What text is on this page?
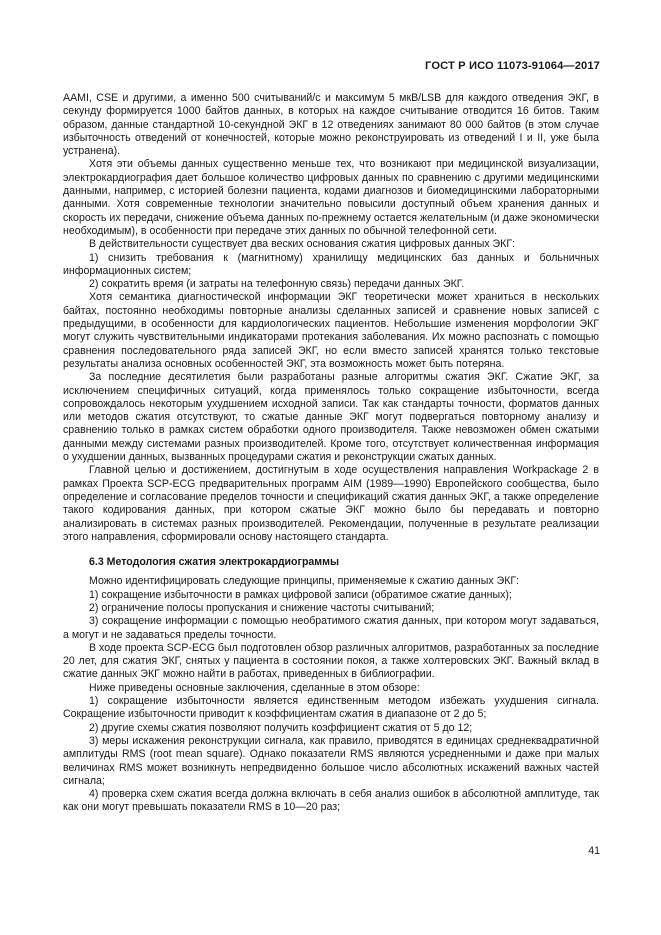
ГОСТ Р ИСО 11073-91064—2017

AAMI, CSE и другими, а именно 500 считываний/с и максимум 5 мкВ/LSB для каждого отведения ЭКГ, в секунду формируется 1000 байтов данных, в которых на каждое считывание отводится 16 битов. Таким образом, данные стандартной 10-секундной ЭКГ в 12 отведениях занимают 80 000 байтов (в этом случае избыточность отведений от конечностей, которые можно реконструировать из отведений I и II, уже была устранена).

Хотя эти объемы данных существенно меньше тех, что возникают при медицинской визуализации, электрокардиография дает большое количество цифровых данных по сравнению с другими медицинскими данными, например, с историей болезни пациента, кодами диагнозов и биомедицинскими лабораторными данными. Хотя современные технологии значительно повысили доступный объем хранения данных и скорость их передачи, снижение объема данных по-прежнему остается желательным (и даже экономически необходимым), в особенности при передаче этих данных по обычной телефонной сети.

В действительности существует два веских основания сжатия цифровых данных ЭКГ:

1) снизить требования к (магнитному) хранилищу медицинских баз данных и больничных информационных систем;

2) сократить время (и затраты на телефонную связь) передачи данных ЭКГ.

Хотя семантика диагностической информации ЭКГ теоретически может храниться в нескольких байтах, постоянно необходимы повторные анализы сделанных записей и сравнение новых записей с предыдущими, в особенности для кардиологических пациентов. Небольшие изменения морфологии ЭКГ могут служить чувствительными индикаторами протекания заболевания. Их можно распознать с помощью сравнения последовательного ряда записей ЭКГ, но если вместо записей хранятся только текстовые результаты анализа основных особенностей ЭКГ, эта возможность может быть потеряна.

За последние десятилетия были разработаны разные алгоритмы сжатия ЭКГ. Сжатие ЭКГ, за исключением специфичных ситуаций, когда применялось только сокращение избыточности, всегда сопровождалось некоторым ухудшением исходной записи. Так как стандарты точности, форматов данных или методов сжатия отсутствуют, то сжатые данные ЭКГ могут подвергаться повторному анализу и сравнению только в рамках систем обработки одного производителя. Также невозможен обмен сжатыми данными между системами разных производителей. Кроме того, отсутствует количественная информация о ухудшении данных, вызванных процедурами сжатия и реконструкции сжатых данных.

Главной целью и достижением, достигнутым в ходе осуществления направления Workpackage 2 в рамках Проекта SCP-ECG предварительных программ AIM (1989—1990) Европейского сообщества, было определение и согласование пределов точности и спецификаций сжатия данных ЭКГ, а также определение такого кодирования данных, при котором сжатые ЭКГ можно было бы передавать и повторно анализировать в системах разных производителей. Рекомендации, полученные в результате реализации этого направления, сформировали основу настоящего стандарта.

6.3 Методология сжатия электрокардиограммы

Можно идентифицировать следующие принципы, применяемые к сжатию данных ЭКГ:

1) сокращение избыточности в рамках цифровой записи (обратимое сжатие данных);

2) ограничение полосы пропускания и снижение частоты считываний;

3) сокращение информации с помощью необратимого сжатия данных, при котором могут задаваться, а могут и не задаваться пределы точности.

В ходе проекта SCP-ECG был подготовлен обзор различных алгоритмов, разработанных за последние 20 лет, для сжатия ЭКГ, снятых у пациента в состоянии покоя, а также холтеровских ЭКГ. Важный вклад в сжатие данных ЭКГ можно найти в работах, приведенных в библиографии.

Ниже приведены основные заключения, сделанные в этом обзоре:

1) сокращение избыточности является единственным методом избежать ухудшения сигнала. Сокращение избыточности приводит к коэффициентам сжатия в диапазоне от 2 до 5;

2) другие схемы сжатия позволяют получить коэффициент сжатия от 5 до 12;

3) меры искажения реконструкции сигнала, как правило, приводятся в единицах среднеквадратичной амплитуды RMS (root mean square). Однако показатели RMS являются усредненными и даже при малых величинах RMS может возникнуть непредвиденно большое число абсолютных искажений важных частей сигнала;

4) проверка схем сжатия всегда должна включать в себя анализ ошибок в абсолютной амплитуде, так как они могут превышать показатели RMS в 10—20 раз;

41
